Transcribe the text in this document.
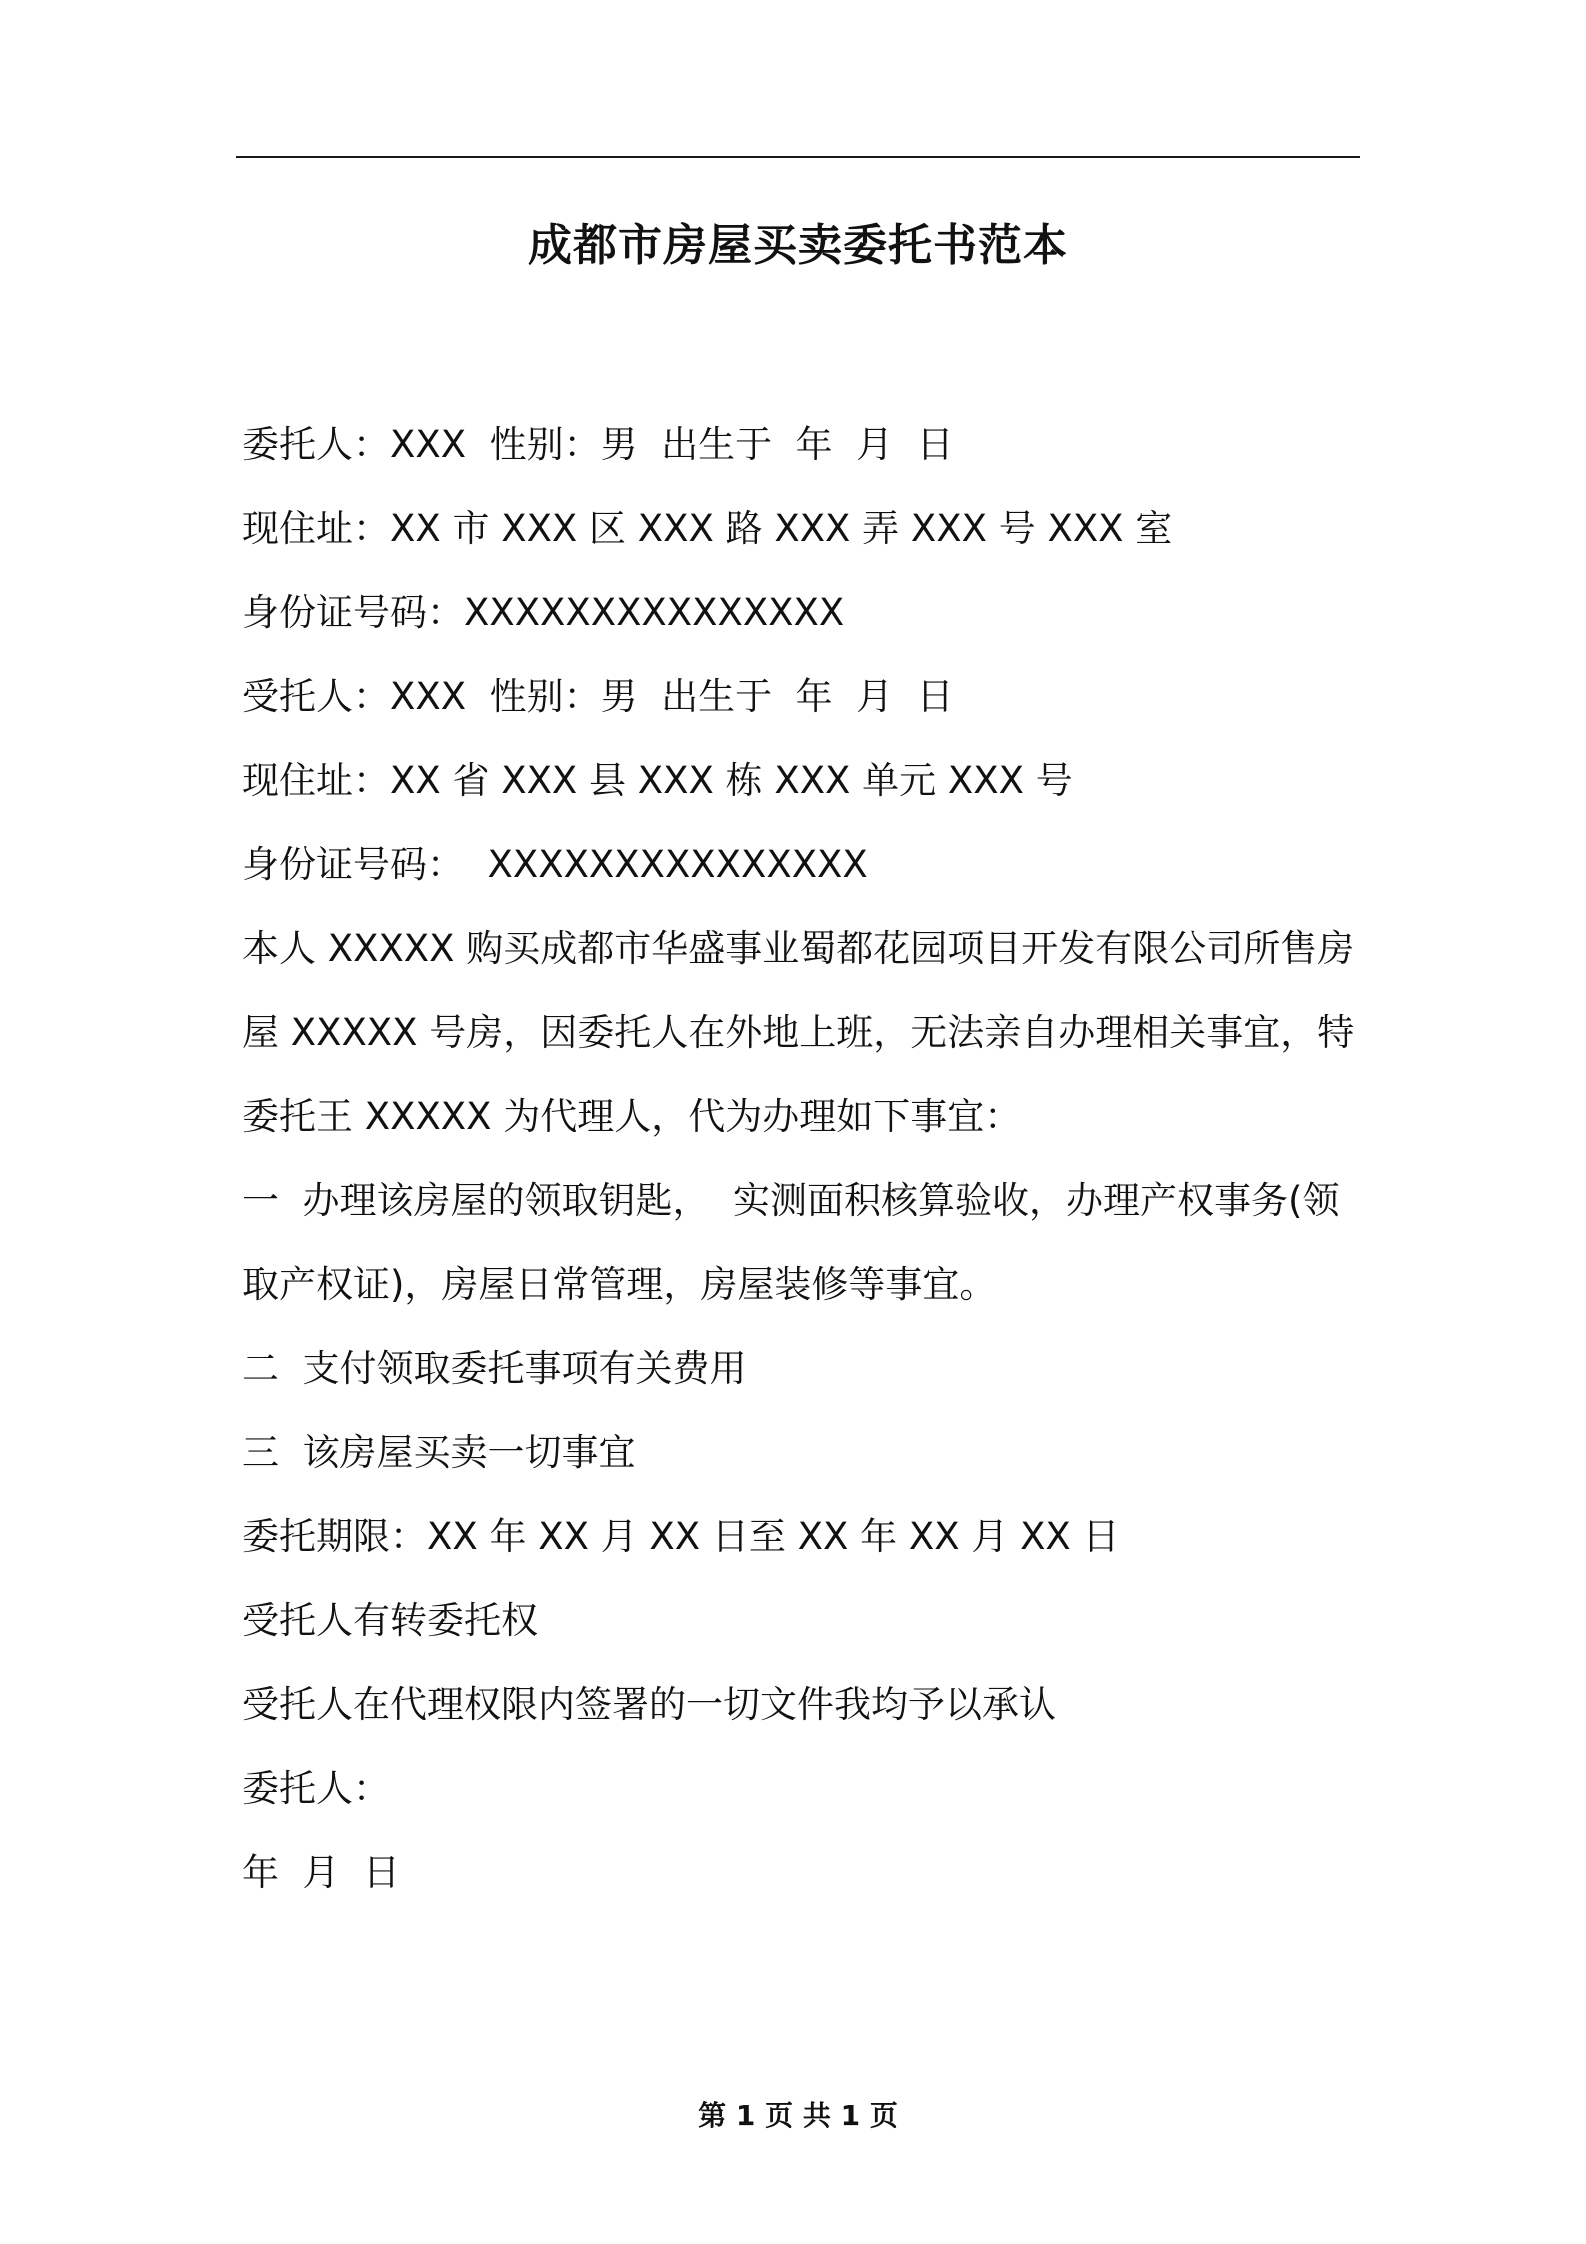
成都市房屋买卖委托书范本
委托人：XXX  性别：男  出生于  年  月  日
现住址：XX 市 XXX 区 XXX 路 XXX 弄 XXX 号 XXX 室
身份证号码：XXXXXXXXXXXXXXX
受托人：XXX  性别：男  出生于  年  月  日
现住址：XX 省 XXX 县 XXX 栋 XXX 单元 XXX 号
身份证号码：  XXXXXXXXXXXXXXX
本人 XXXXX 购买成都市华盛事业蜀都花园项目开发有限公司所售房
屋 XXXXX 号房，因委托人在外地上班，无法亲自办理相关事宜，特
委托王 XXXXX 为代理人，代为办理如下事宜：
一  办理该房屋的领取钥匙，  实测面积核算验收，办理产权事务(领
取产权证)，房屋日常管理，房屋装修等事宜。
二  支付领取委托事项有关费用
三  该房屋买卖一切事宜
委托期限：XX 年 XX 月 XX 日至 XX 年 XX 月 XX 日
受托人有转委托权
受托人在代理权限内签署的一切文件我均予以承认
委托人：
年  月  日
第 1 页 共 1 页
